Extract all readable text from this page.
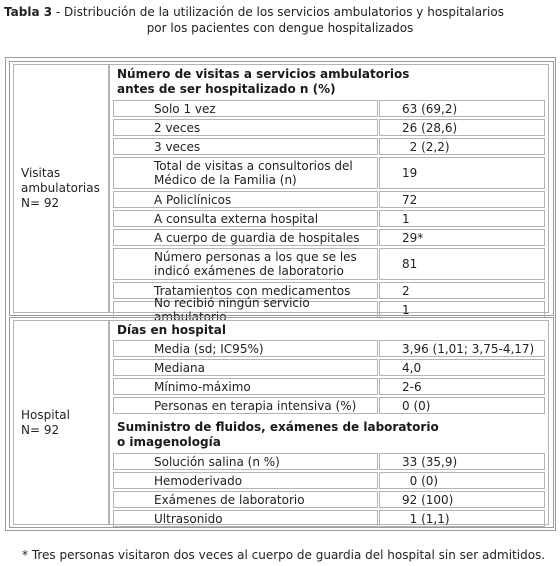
Tabla 3 - Distribución de la utilización de los servicios ambulatorios y hospitalarios
por los pacientes con dengue hospitalizados
Visitas
ambulatorias
N= 92
Número de visitas a servicios ambulatorios
antes de ser hospitalizado n (%)
Solo 1 vez	63 (69,2)
2 veces	26 (28,6)
3 veces	2 (2,2)
Total de visitas a consultorios del
Médico de la Familia (n)	19
A Policlínicos	72
A consulta externa hospital	1
A cuerpo de guardia de hospitales	29*
Número personas a los que se les
indicó exámenes de laboratorio	81
Tratamientos con medicamentos	2
No recibió ningún servicio ambulatorio	1
Hospital
N= 92
Días en hospital
Media (sd; IC95%)	3,96 (1,01; 3,75-4,17)
Mediana	4,0
Mínimo-máximo	2-6
Personas en terapia intensiva (%)	0 (0)
Suministro de fluidos, exámenes de laboratorio
o imagenología
Solución salina (n %)	33 (35,9)
Hemoderivado	0 (0)
Exámenes de laboratorio	92 (100)
Ultrasonido	1 (1,1)
* Tres personas visitaron dos veces al cuerpo de guardia del hospital sin ser admitidos.
